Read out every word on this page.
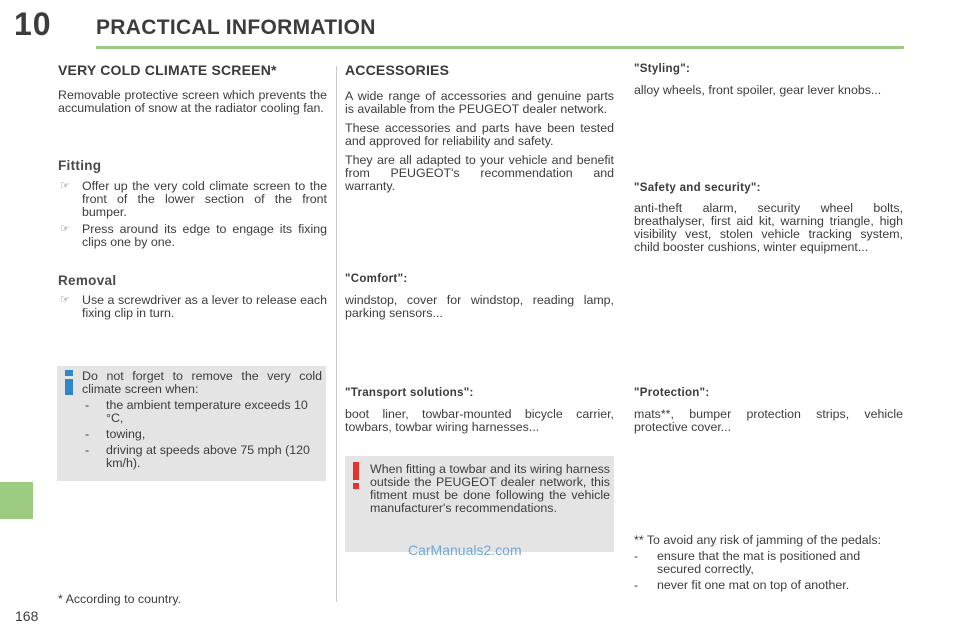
10 PRACTICAL INFORMATION
VERY COLD CLIMATE SCREEN*
Removable protective screen which prevents the accumulation of snow at the radiator cooling fan.
Fitting
☞ Offer up the very cold climate screen to the front of the lower section of the front bumper.
☞ Press around its edge to engage its fixing clips one by one.
Removal
☞ Use a screwdriver as a lever to release each fixing clip in turn.
Do not forget to remove the very cold climate screen when:
- the ambient temperature exceeds 10 °C,
- towing,
- driving at speeds above 75 mph (120 km/h).
* According to country.
ACCESSORIES
A wide range of accessories and genuine parts is available from the PEUGEOT dealer network.
These accessories and parts have been tested and approved for reliability and safety.
They are all adapted to your vehicle and benefit from PEUGEOT's recommendation and warranty.
"Comfort":
windstop, cover for windstop, reading lamp, parking sensors...
"Transport solutions":
boot liner, towbar-mounted bicycle carrier, towbars, towbar wiring harnesses...
When fitting a towbar and its wiring harness outside the PEUGEOT dealer network, this fitment must be done following the vehicle manufacturer's recommendations.
CarManuals2.com
"Styling":
alloy wheels, front spoiler, gear lever knobs...
"Safety and security":
anti-theft alarm, security wheel bolts, breathalyser, first aid kit, warning triangle, high visibility vest, stolen vehicle tracking system, child booster cushions, winter equipment...
"Protection":
mats**, bumper protection strips, vehicle protective cover...
** To avoid any risk of jamming of the pedals:
- ensure that the mat is positioned and secured correctly,
- never fit one mat on top of another.
168
